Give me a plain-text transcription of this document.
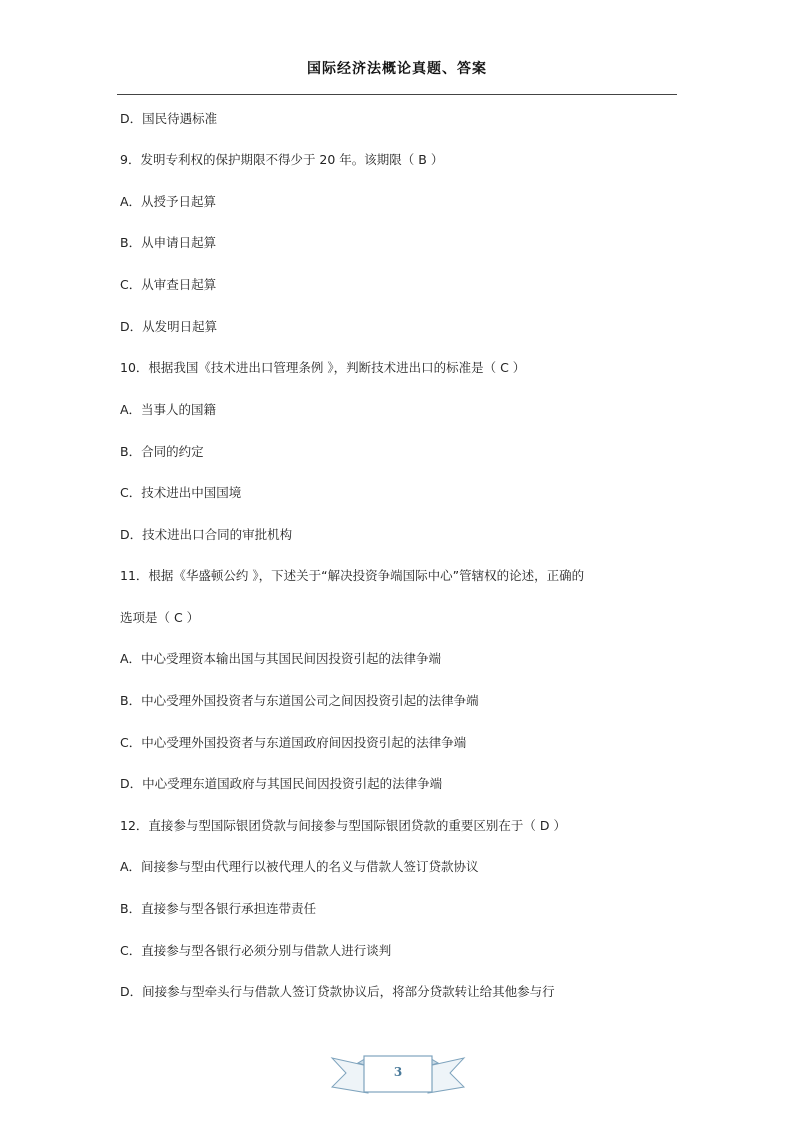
国际经济法概论真题、答案
D．国民待遇标准
9．发明专利权的保护期限不得少于 20 年。该期限（ B ）
A．从授予日起算
B．从申请日起算
C．从审查日起算
D．从发明日起算
10．根据我国《技术进出口管理条例 》，判断技术进出口的标准是（ C ）
A．当事人的国籍
B．合同的约定
C．技术进出中国国境
D．技术进出口合同的审批机构
11．根据《华盛顿公约 》，下述关于“解决投资争端国际中心”管辖权的论述，正确的
选项是（ C ）
A．中心受理资本输出国与其国民间因投资引起的法律争端
B．中心受理外国投资者与东道国公司之间因投资引起的法律争端
C．中心受理外国投资者与东道国政府间因投资引起的法律争端
D．中心受理东道国政府与其国民间因投资引起的法律争端
12．直接参与型国际银团贷款与间接参与型国际银团贷款的重要区别在于（ D ）
A．间接参与型由代理行以被代理人的名义与借款人签订贷款协议
B．直接参与型各银行承担连带责任
C．直接参与型各银行必须分别与借款人进行谈判
D．间接参与型牵头行与借款人签订贷款协议后，将部分贷款转让给其他参与行
3
